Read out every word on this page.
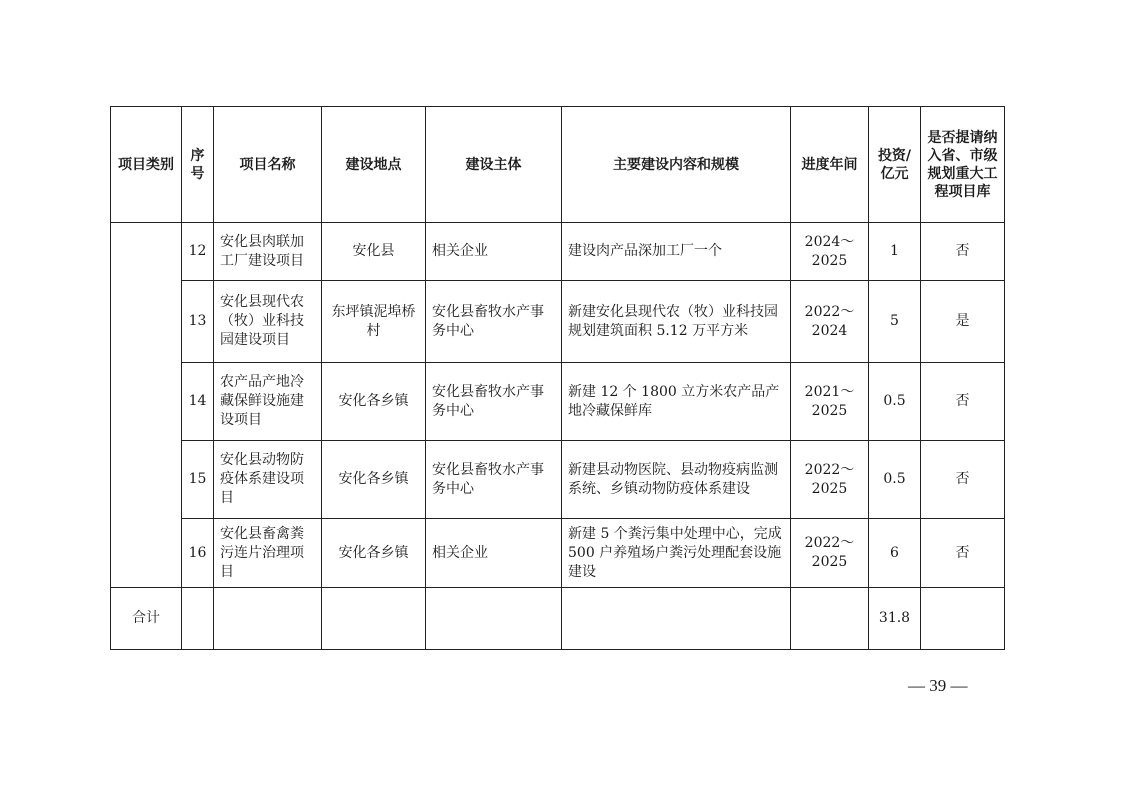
项目类别	序号	项目名称	建设地点	建设主体	主要建设内容和规模	进度年间	投资/亿元	是否提请纳入省、市级规划重大工程项目库
	12	安化县肉联加工厂建设项目	安化县	相关企业	建设肉产品深加工厂一个	2024～2025	1	否
	13	安化县现代农（牧）业科技园建设项目	东坪镇泥埠桥村	安化县畜牧水产事务中心	新建安化县现代农（牧）业科技园规划建筑面积 5.12 万平方米	2022～2024	5	是
	14	农产品产地冷藏保鲜设施建设项目	安化各乡镇	安化县畜牧水产事务中心	新建 12 个 1800 立方米农产品产地冷藏保鲜库	2021～2025	0.5	否
	15	安化县动物防疫体系建设项目	安化各乡镇	安化县畜牧水产事务中心	新建县动物医院、县动物疫病监测系统、乡镇动物防疫体系建设	2022～2025	0.5	否
	16	安化县畜禽粪污连片治理项目	安化各乡镇	相关企业	新建 5 个粪污集中处理中心，完成 500 户养殖场户粪污处理配套设施建设	2022～2025	6	否
合计							31.8	
— 39 —
